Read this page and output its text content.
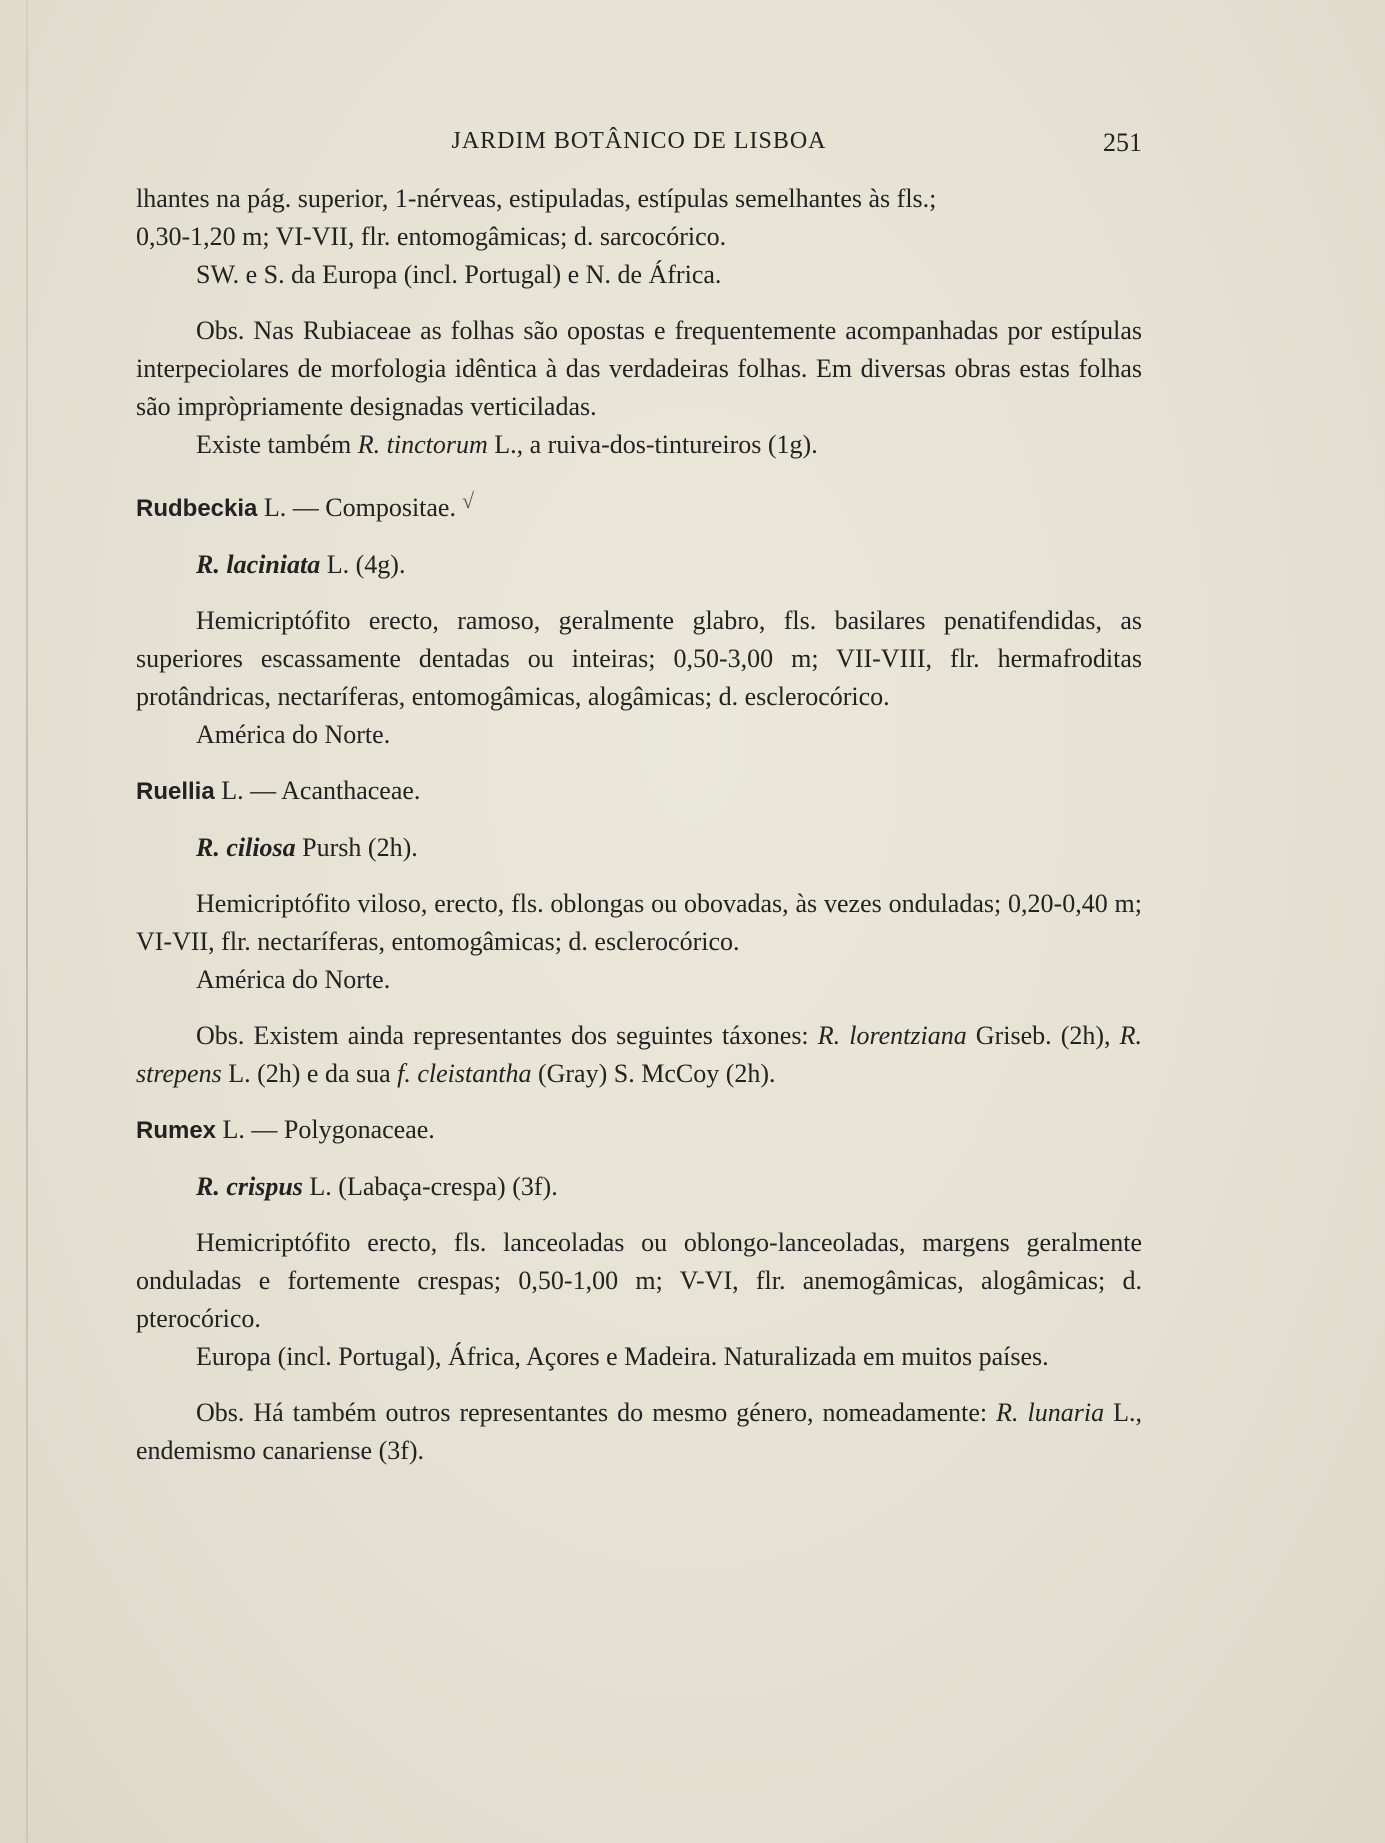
JARDIM BOTÂNICO DE LISBOA	251

lhantes na pág. superior, 1-nérveas, estipuladas, estípulas semelhantes às fls.;

0,30-1,20 m; VI-VII, flr. entomogâmicas; d. sarcocórico.

SW. e S. da Europa (incl. Portugal) e N. de África.

Obs. Nas Rubiaceae as folhas são opostas e frequentemente acompanhadas por estípulas interpeciolares de morfologia idêntica à das verdadeiras folhas. Em diversas obras estas folhas são impròpriamente designadas verticiladas.

Existe também R. tinctorum L., a ruiva-dos-tintureiros (1g).

Rudbeckia L. — Compositae. √

R. laciniata L. (4g).

Hemicriptófito erecto, ramoso, geralmente glabro, fls. basilares penatifendidas, as superiores escassamente dentadas ou inteiras; 0,50-3,00 m; VII-VIII, flr. hermafroditas protândricas, nectaríferas, entomogâmicas, alogâmicas; d. esclerocórico.

América do Norte.

Ruellia L. — Acanthaceae.

R. ciliosa Pursh (2h).

Hemicriptófito viloso, erecto, fls. oblongas ou obovadas, às vezes onduladas; 0,20-0,40 m; VI-VII, flr. nectaríferas, entomogâmicas; d. esclerocórico.

América do Norte.

Obs. Existem ainda representantes dos seguintes táxones: R. lorentziana Griseb. (2h), R. strepens L. (2h) e da sua f. cleistantha (Gray) S. McCoy (2h).

Rumex L. — Polygonaceae.

R. crispus L. (Labaça-crespa) (3f).

Hemicriptófito erecto, fls. lanceoladas ou oblongo-lanceoladas, margens geralmente onduladas e fortemente crespas; 0,50-1,00 m; V-VI, flr. anemogâmicas, alogâmicas; d. pterocórico.

Europa (incl. Portugal), África, Açores e Madeira. Naturalizada em muitos países.

Obs. Há também outros representantes do mesmo género, nomeadamente: R. lunaria L., endemismo canariense (3f).
